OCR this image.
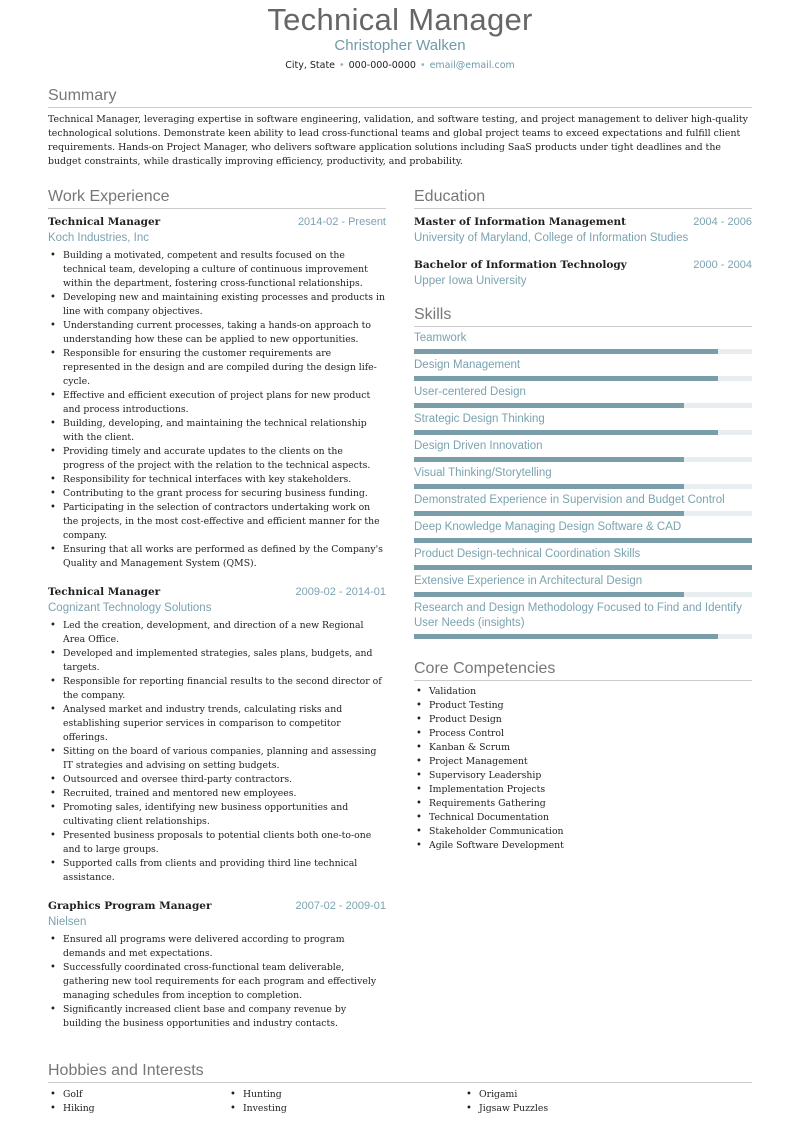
Technical Manager
Christopher Walken
City, State • 000-000-0000 • email@email.com
Summary

Technical Manager, leveraging expertise in software engineering, validation, and software testing, and project management to deliver high-quality technological solutions. Demonstrate keen ability to lead cross-functional teams and global project teams to exceed expectations and fulfill client requirements. Hands-on Project Manager, who delivers software application solutions including SaaS products under tight deadlines and the budget constraints, while drastically improving efficiency, productivity, and probability.

Work Experience
Technical Manager	2014-02 - Present
Koch Industries, Inc
• Building a motivated, competent and results focused on the technical team, developing a culture of continuous improvement within the department, fostering cross-functional relationships.
• Developing new and maintaining existing processes and products in line with company objectives.
• Understanding current processes, taking a hands-on approach to understanding how these can be applied to new opportunities.
• Responsible for ensuring the customer requirements are represented in the design and are compiled during the design life-cycle.
• Effective and efficient execution of project plans for new product and process introductions.
• Building, developing, and maintaining the technical relationship with the client.
• Providing timely and accurate updates to the clients on the progress of the project with the relation to the technical aspects.
• Responsibility for technical interfaces with key stakeholders.
• Contributing to the grant process for securing business funding.
• Participating in the selection of contractors undertaking work on the projects, in the most cost-effective and efficient manner for the company.
• Ensuring that all works are performed as defined by the Company's Quality and Management System (QMS).
Technical Manager	2009-02 - 2014-01
Cognizant Technology Solutions
• Led the creation, development, and direction of a new Regional Area Office.
• Developed and implemented strategies, sales plans, budgets, and targets.
• Responsible for reporting financial results to the second director of the company.
• Analysed market and industry trends, calculating risks and establishing superior services in comparison to competitor offerings.
• Sitting on the board of various companies, planning and assessing IT strategies and advising on setting budgets.
• Outsourced and oversee third-party contractors.
• Recruited, trained and mentored new employees.
• Promoting sales, identifying new business opportunities and cultivating client relationships.
• Presented business proposals to potential clients both one-to-one and to large groups.
• Supported calls from clients and providing third line technical assistance.
Graphics Program Manager	2007-02 - 2009-01
Nielsen
• Ensured all programs were delivered according to program demands and met expectations.
• Successfully coordinated cross-functional team deliverable, gathering new tool requirements for each program and effectively managing schedules from inception to completion.
• Significantly increased client base and company revenue by building the business opportunities and industry contacts.
Education
Master of Information Management	2004 - 2006
University of Maryland, College of Information Studies
Bachelor of Information Technology	2000 - 2004
Upper Iowa University
Skills
Teamwork
Design Management
User-centered Design
Strategic Design Thinking
Design Driven Innovation
Visual Thinking/Storytelling
Demonstrated Experience in Supervision and Budget Control
Deep Knowledge Managing Design Software & CAD
Product Design-technical Coordination Skills
Extensive Experience in Architectural Design
Research and Design Methodology Focused to Find and Identify User Needs (insights)
Core Competencies
• Validation
• Product Testing
• Product Design
• Process Control
• Kanban & Scrum
• Project Management
• Supervisory Leadership
• Implementation Projects
• Requirements Gathering
• Technical Documentation
• Stakeholder Communication
• Agile Software Development
Hobbies and Interests
• Golf
• Hiking
• Hunting
• Investing
• Origami
• Jigsaw Puzzles
